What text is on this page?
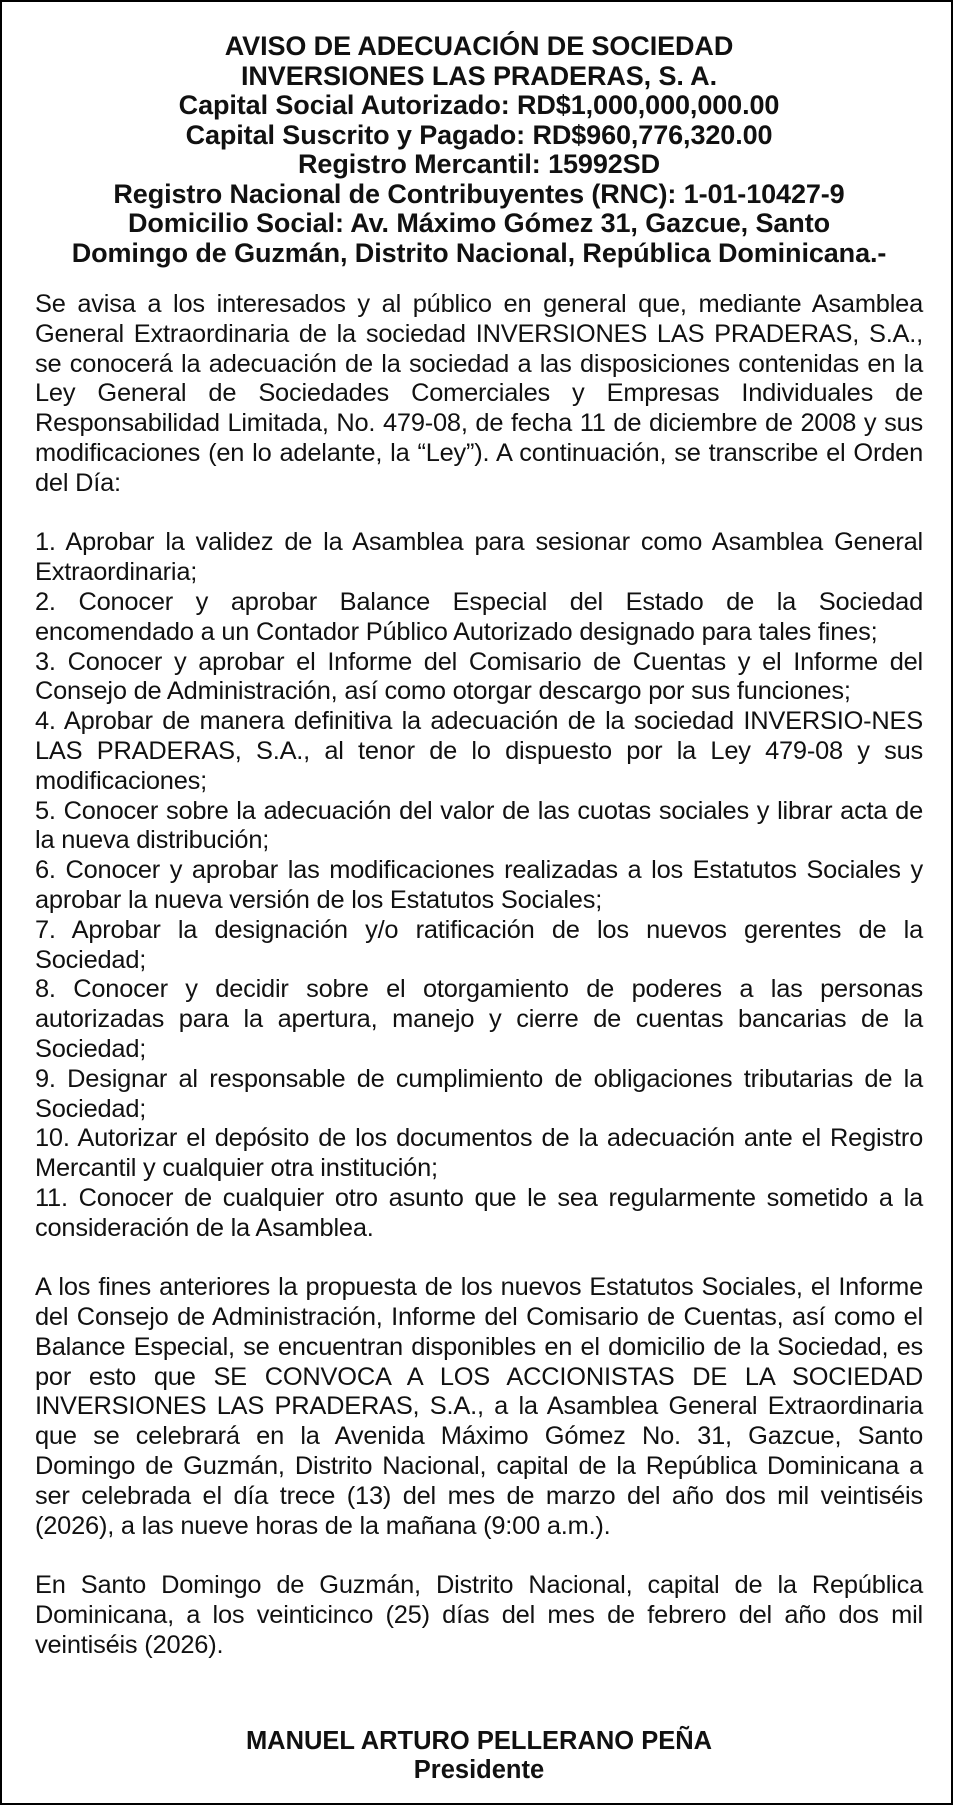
AVISO DE ADECUACIÓN DE SOCIEDAD
INVERSIONES LAS PRADERAS, S. A.
Capital Social Autorizado: RD$1,000,000,000.00
Capital Suscrito y Pagado: RD$960,776,320.00
Registro Mercantil: 15992SD
Registro Nacional de Contribuyentes (RNC): 1-01-10427-9
Domicilio Social: Av. Máximo Gómez 31, Gazcue, Santo
Domingo de Guzmán, Distrito Nacional, República Dominicana.-

Se avisa a los interesados y al público en general que, mediante Asamblea General Extraordinaria de la sociedad INVERSIONES LAS PRADERAS, S.A., se conocerá la adecuación de la sociedad a las disposiciones contenidas en la Ley General de Sociedades Comerciales y Empresas Individuales de Responsabilidad Limitada, No. 479-08, de fecha 11 de diciembre de 2008 y sus modificaciones (en lo adelante, la “Ley”). A continuación, se transcribe el Orden del Día:

1. Aprobar la validez de la Asamblea para sesionar como Asamblea General Extraordinaria;
2. Conocer y aprobar Balance Especial del Estado de la Sociedad encomendado a un Contador Público Autorizado designado para tales fines;
3. Conocer y aprobar el Informe del Comisario de Cuentas y el Informe del Consejo de Administración, así como otorgar descargo por sus funciones;
4. Aprobar de manera definitiva la adecuación de la sociedad INVERSIO-NES LAS PRADERAS, S.A., al tenor de lo dispuesto por la Ley 479-08 y sus modificaciones;
5. Conocer sobre la adecuación del valor de las cuotas sociales y librar acta de la nueva distribución;
6. Conocer y aprobar las modificaciones realizadas a los Estatutos Sociales y aprobar la nueva versión de los Estatutos Sociales;
7. Aprobar la designación y/o ratificación de los nuevos gerentes de la Sociedad;
8. Conocer y decidir sobre el otorgamiento de poderes a las personas autorizadas para la apertura, manejo y cierre de cuentas bancarias de la Sociedad;
9. Designar al responsable de cumplimiento de obligaciones tributarias de la Sociedad;
10. Autorizar el depósito de los documentos de la adecuación ante el Registro Mercantil y cualquier otra institución;
11. Conocer de cualquier otro asunto que le sea regularmente sometido a la consideración de la Asamblea.

A los fines anteriores la propuesta de los nuevos Estatutos Sociales, el Informe del Consejo de Administración, Informe del Comisario de Cuentas, así como el Balance Especial, se encuentran disponibles en el domicilio de la Sociedad, es por esto que SE CONVOCA A LOS ACCIONISTAS DE LA SOCIEDAD INVERSIONES LAS PRADERAS, S.A., a la Asamblea General Extraordinaria que se celebrará en la Avenida Máximo Gómez No. 31, Gazcue, Santo Domingo de Guzmán, Distrito Nacional, capital de la República Dominicana a ser celebrada el día trece (13) del mes de marzo del año dos mil veintiséis (2026), a las nueve horas de la mañana (9:00 a.m.).

En Santo Domingo de Guzmán, Distrito Nacional, capital de la República Dominicana, a los veinticinco (25) días del mes de febrero del año dos mil veintiséis (2026).

MANUEL ARTURO PELLERANO PEÑA
Presidente
